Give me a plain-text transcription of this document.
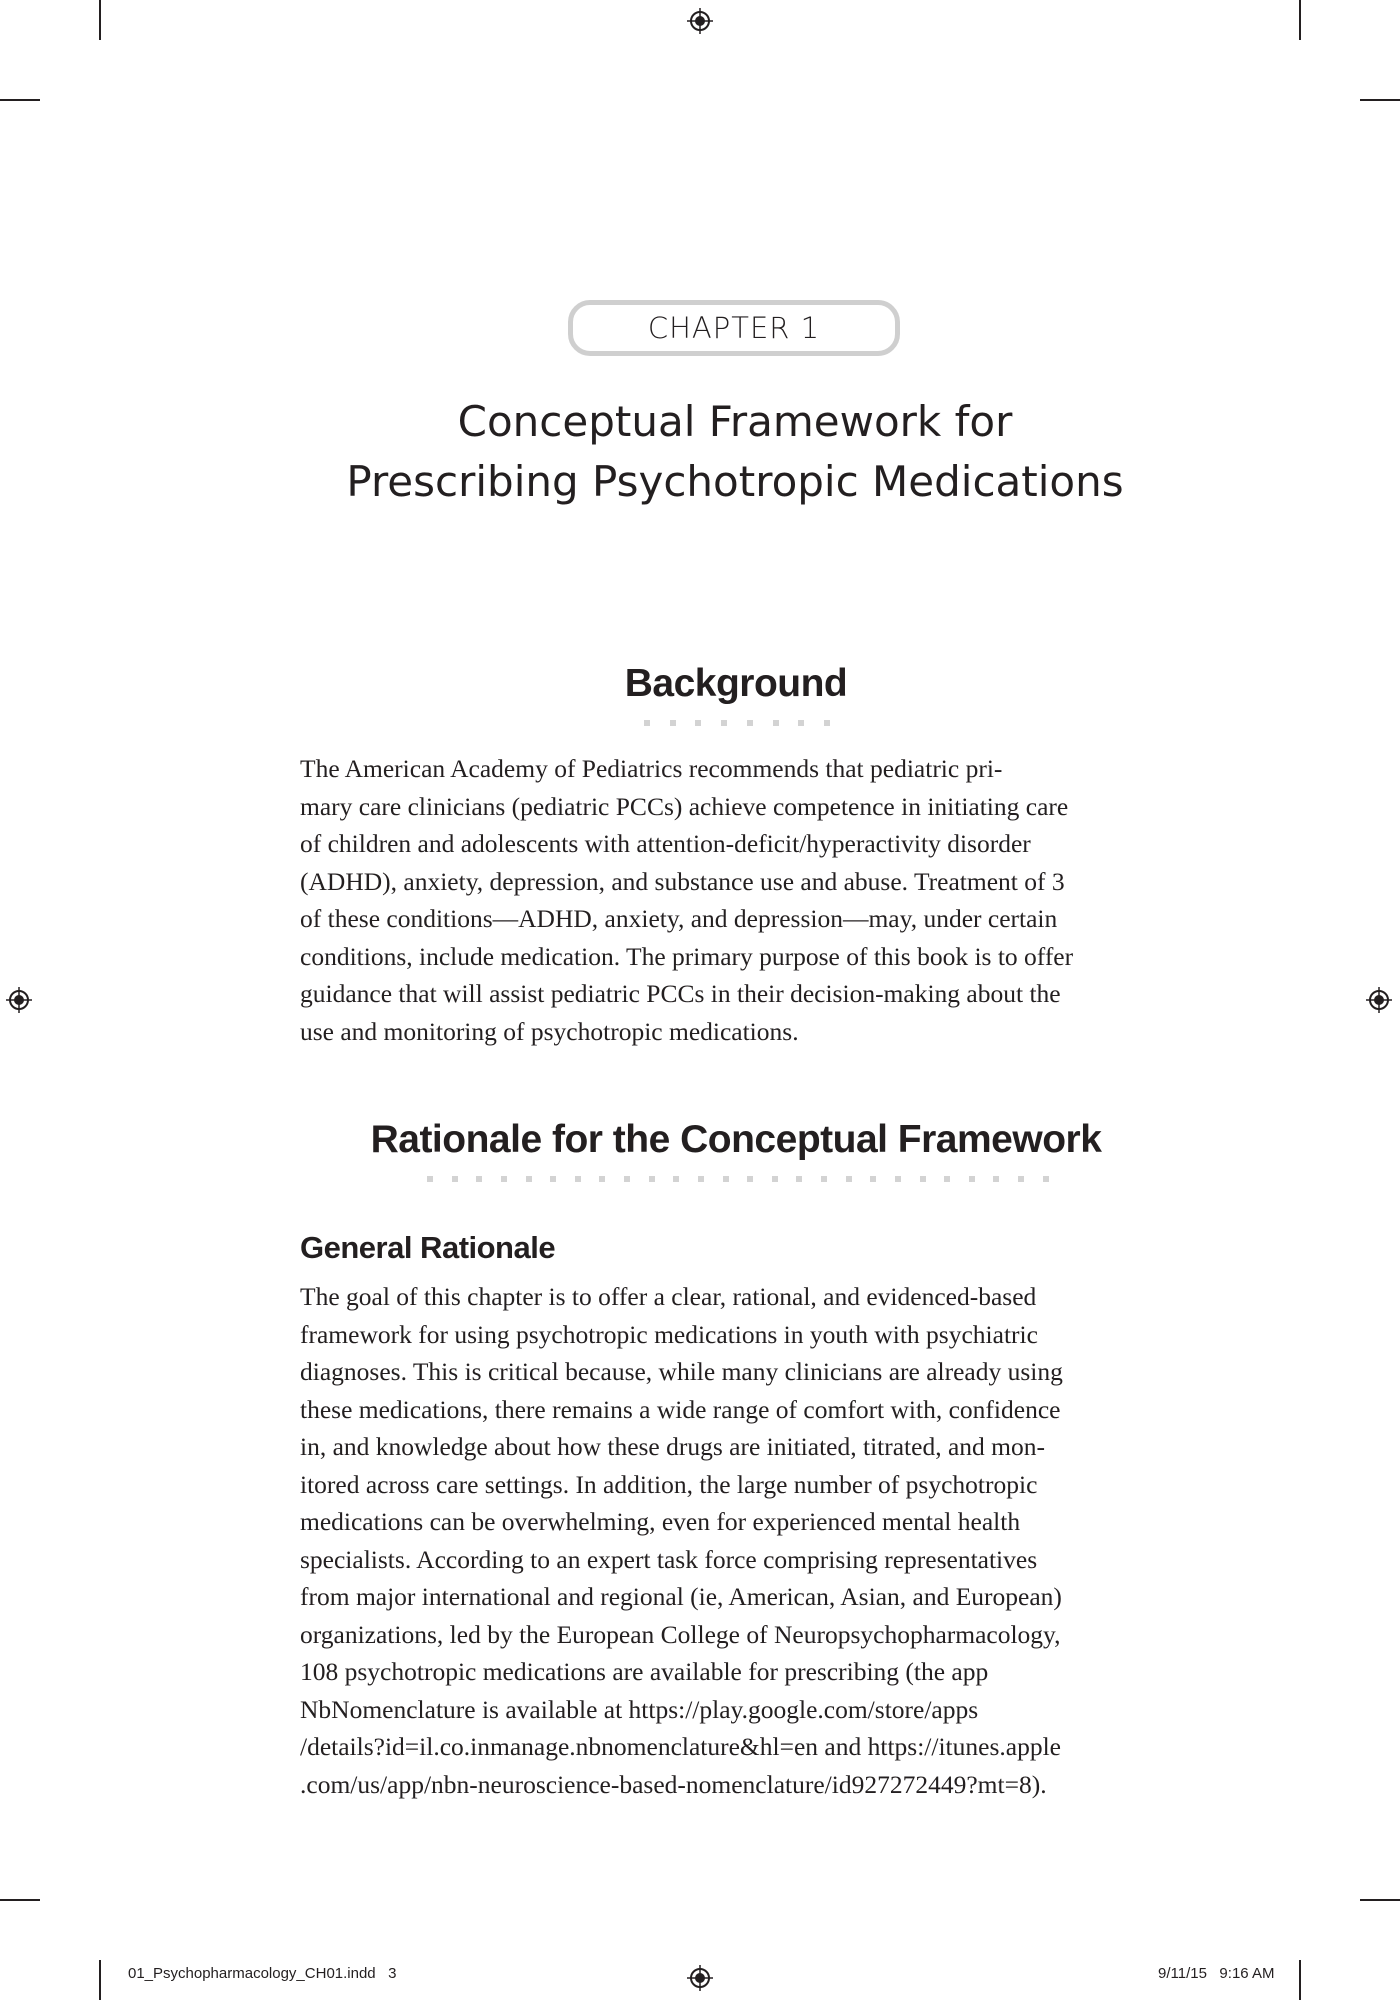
CHAPTER 1
Conceptual Framework for
Prescribing Psychotropic Medications
Background
The American Academy of Pediatrics recommends that pediatric pri-
mary care clinicians (pediatric PCCs) achieve competence in initiating care
of children and adolescents with attention-deficit/hyperactivity disorder
(ADHD), anxiety, depression, and substance use and abuse. Treatment of 3
of these conditions—ADHD, anxiety, and depression—may, under certain
conditions, include medication. The primary purpose of this book is to offer
guidance that will assist pediatric PCCs in their decision-making about the
use and monitoring of psychotropic medications.
Rationale for the Conceptual Framework
General Rationale
The goal of this chapter is to offer a clear, rational, and evidenced-based
framework for using psychotropic medications in youth with psychiatric
diagnoses. This is critical because, while many clinicians are already using
these medications, there remains a wide range of comfort with, confidence
in, and knowledge about how these drugs are initiated, titrated, and mon-
itored across care settings. In addition, the large number of psychotropic
medications can be overwhelming, even for experienced mental health
specialists. According to an expert task force comprising representatives
from major international and regional (ie, American, Asian, and European)
organizations, led by the European College of Neuropsychopharmacology,
108 psychotropic medications are available for prescribing (the app
NbNomenclature is available at https://play.google.com/store/apps
/details?id=il.co.inmanage.nbnomenclature&hl=en and https://itunes.apple
.com/us/app/nbn-neuroscience-based-nomenclature/id927272449?mt=8).
01_Psychopharmacology_CH01.indd   3	9/11/15   9:16 AM
